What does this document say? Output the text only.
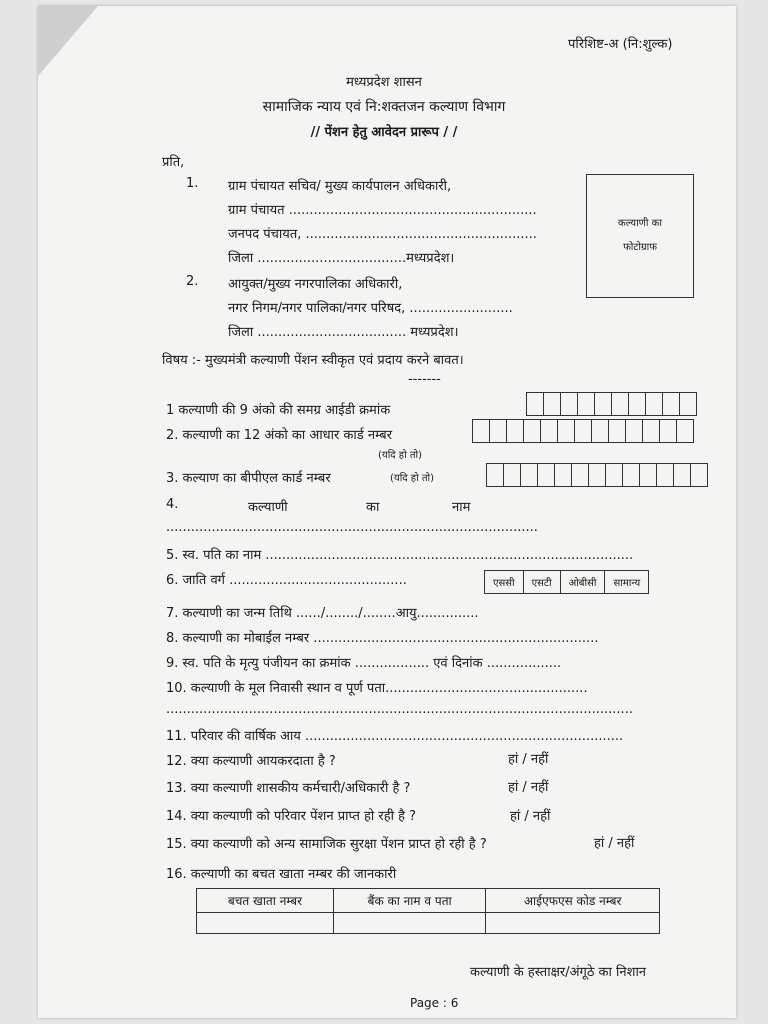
परिशिष्ट-अ (नि:शुल्क)
मध्यप्रदेश शासन
सामाजिक न्याय एवं नि:शक्तजन कल्याण विभाग
// पेंशन हेतु आवेदन प्रारूप / /
प्रति,
1. ग्राम पंचायत सचिव/ मुख्य कार्यपालन अधिकारी,
ग्राम पंचायत ............................................................
जनपद पंचायत, ........................................................
जिला ....................................मध्यप्रदेश।
2. आयुक्त/मुख्य नगरपालिका अधिकारी,
नगर निगम/नगर पालिका/नगर परिषद, .........................
जिला .................................... मध्यप्रदेश।
कल्याणी का
फोटोग्राफ
विषय :- मुख्यमंत्री कल्याणी पेंशन स्वीकृत एवं प्रदाय करने बावत।
-------
1 कल्याणी की 9 अंको की समग्र आईडी क्रमांक
2. कल्याणी का 12 अंको का आधार कार्ड नम्बर
(यदि हो तो)
3. कल्याण का बीपीएल कार्ड नम्बर	(यदि हो तो)
4.	कल्याणी	का	नाम
..........................................................................................
5. स्व. पति का नाम .........................................................................................
6. जाति वर्ग ...........................................	एससी	एसटी	ओबीसी	सामान्य
7. कल्याणी का जन्म तिथि ....../......../........आयु...............
8. कल्याणी का मोबाईल नम्बर .....................................................................
9. स्व. पति के मृत्यु पंजीयन का क्रमांक .................. एवं दिनांक ..................
10. कल्याणी के मूल निवासी स्थान व पूर्ण पता.................................................
.................................................................................................................
11. परिवार की वार्षिक आय .............................................................................
12. क्या कल्याणी आयकरदाता है ?	हां / नहीं
13. क्या कल्याणी शासकीय कर्मचारी/अधिकारी है ?	हां / नहीं
14. क्या कल्याणी को परिवार पेंशन प्राप्त हो रही है ?	हां / नहीं
15. क्या कल्याणी को अन्य सामाजिक सुरक्षा पेंशन प्राप्त हो रही है ?	हां / नहीं
16. कल्याणी का बचत खाता नम्बर की जानकारी
बचत खाता नम्बर	बैंक का नाम व पता	आईएफएस कोड नम्बर

कल्याणी के हस्ताक्षर/अंगूठे का निशान
Page : 6
